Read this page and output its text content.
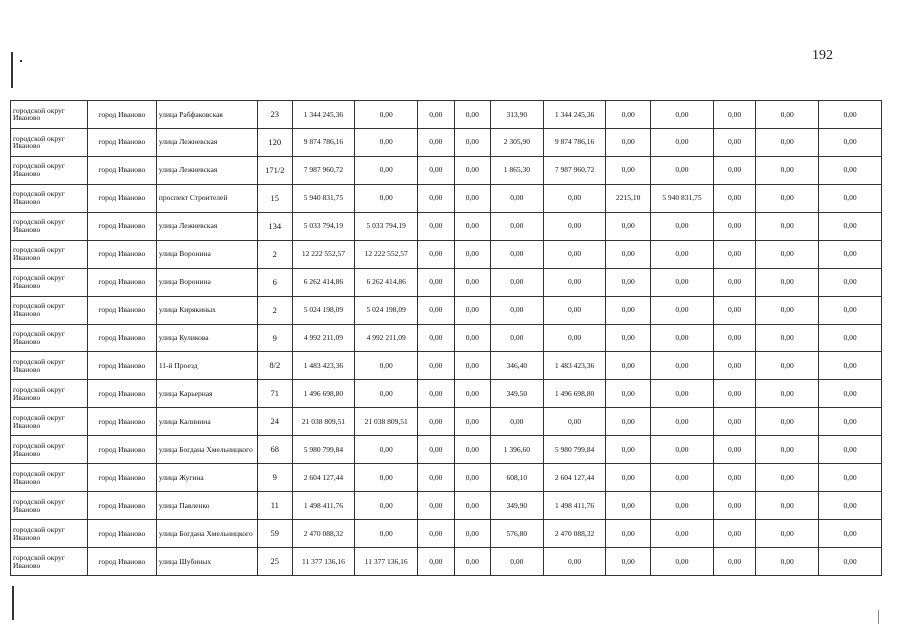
192
городской округ Иваново	город Иваново	улица Рабфаковская	23	1 344 245,36	0,00	0,00	0,00	313,90	1 344 245,36	0,00	0,00	0,00	0,00	0,00
городской округ Иваново	город Иваново	улица Лежневская	120	9 874 786,16	0,00	0,00	0,00	2 305,90	9 874 786,16	0,00	0,00	0,00	0,00	0,00
городской округ Иваново	город Иваново	улица Лежневская	171/2	7 987 960,72	0,00	0,00	0,00	1 865,30	7 987 960,72	0,00	0,00	0,00	0,00	0,00
городской округ Иваново	город Иваново	проспект Строителей	15	5 940 831,75	0,00	0,00	0,00	0,00	0,00	2215,10	5 940 831,75	0,00	0,00	0,00
городской округ Иваново	город Иваново	улица Лежневская	134	5 033 794,19	5 033 794,19	0,00	0,00	0,00	0,00	0,00	0,00	0,00	0,00	0,00
городской округ Иваново	город Иваново	улица Воронина	2	12 222 552,57	12 222 552,57	0,00	0,00	0,00	0,00	0,00	0,00	0,00	0,00	0,00
городской округ Иваново	город Иваново	улица Воронина	6	6 262 414,86	6 262 414,86	0,00	0,00	0,00	0,00	0,00	0,00	0,00	0,00	0,00
городской округ Иваново	город Иваново	улица Кирякиных	2	5 024 198,09	5 024 198,09	0,00	0,00	0,00	0,00	0,00	0,00	0,00	0,00	0,00
городской округ Иваново	город Иваново	улица Куликова	9	4 992 211,09	4 992 211,09	0,00	0,00	0,00	0,00	0,00	0,00	0,00	0,00	0,00
городской округ Иваново	город Иваново	11-й Проезд	8/2	1 483 423,36	0,00	0,00	0,00	346,40	1 483 423,36	0,00	0,00	0,00	0,00	0,00
городской округ Иваново	город Иваново	улица Карьерная	71	1 496 698,80	0,00	0,00	0,00	349,50	1 496 698,80	0,00	0,00	0,00	0,00	0,00
городской округ Иваново	город Иваново	улица Калинина	24	21 038 809,51	21 038 809,51	0,00	0,00	0,00	0,00	0,00	0,00	0,00	0,00	0,00
городской округ Иваново	город Иваново	улица Богдана Хмельницкого	68	5 980 799,84	0,00	0,00	0,00	1 396,60	5 980 799,84	0,00	0,00	0,00	0,00	0,00
городской округ Иваново	город Иваново	улица Жугина	9	2 604 127,44	0,00	0,00	0,00	608,10	2 604 127,44	0,00	0,00	0,00	0,00	0,00
городской округ Иваново	город Иваново	улица Павленко	11	1 498 411,76	0,00	0,00	0,00	349,90	1 498 411,76	0,00	0,00	0,00	0,00	0,00
городской округ Иваново	город Иваново	улица Богдана Хмельницкого	59	2 470 088,32	0,00	0,00	0,00	576,80	2 470 088,32	0,00	0,00	0,00	0,00	0,00
городской округ Иваново	город Иваново	улица Шубиных	25	11 377 136,16	11 377 136,16	0,00	0,00	0,00	0,00	0,00	0,00	0,00	0,00	0,00
